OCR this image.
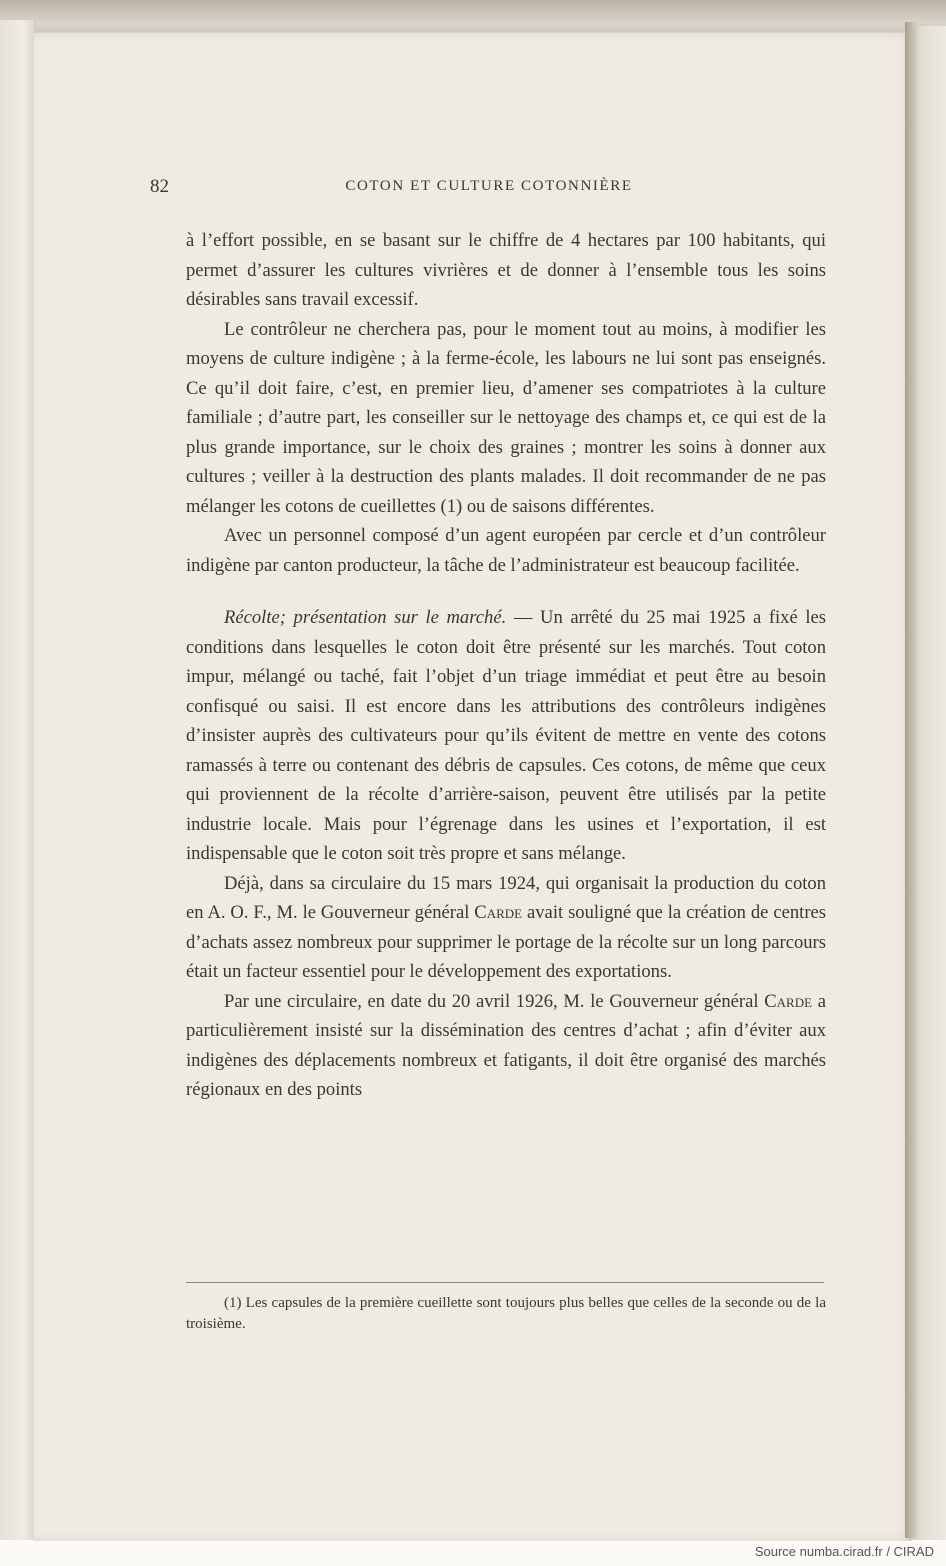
82	COTON ET CULTURE COTONNIÈRE

à l’effort possible, en se basant sur le chiffre de 4 hectares par 100 habitants, qui permet d’assurer les cultures vivrières et de donner à l’ensemble tous les soins désirables sans travail excessif.

Le contrôleur ne cherchera pas, pour le moment tout au moins, à modifier les moyens de culture indigène ; à la ferme-école, les labours ne lui sont pas enseignés. Ce qu’il doit faire, c’est, en premier lieu, d’amener ses compatriotes à la culture familiale ; d’autre part, les conseiller sur le nettoyage des champs et, ce qui est de la plus grande importance, sur le choix des graines ; montrer les soins à donner aux cultures ; veiller à la destruction des plants malades. Il doit recommander de ne pas mélanger les cotons de cueillettes (1) ou de saisons différentes.

Avec un personnel composé d’un agent européen par cercle et d’un contrôleur indigène par canton producteur, la tâche de l’administrateur est beaucoup facilitée.

Récolte; présentation sur le marché. — Un arrêté du 25 mai 1925 a fixé les conditions dans lesquelles le coton doit être présenté sur les marchés. Tout coton impur, mélangé ou taché, fait l’objet d’un triage immédiat et peut être au besoin confisqué ou saisi. Il est encore dans les attributions des contrôleurs indigènes d’insister auprès des cultivateurs pour qu’ils évitent de mettre en vente des cotons ramassés à terre ou contenant des débris de capsules. Ces cotons, de même que ceux qui proviennent de la récolte d’arrière-saison, peuvent être utilisés par la petite industrie locale. Mais pour l’égrenage dans les usines et l’exportation, il est indispensable que le coton soit très propre et sans mélange.

Déjà, dans sa circulaire du 15 mars 1924, qui organisait la production du coton en A. O. F., M. le Gouverneur général Carde avait souligné que la création de centres d’achats assez nombreux pour supprimer le portage de la récolte sur un long parcours était un facteur essentiel pour le développement des exportations.

Par une circulaire, en date du 20 avril 1926, M. le Gouverneur général Carde a particulièrement insisté sur la dissémination des centres d’achat ; afin d’éviter aux indigènes des déplacements nombreux et fatigants, il doit être organisé des marchés régionaux en des points

(1) Les capsules de la première cueillette sont toujours plus belles que celles de la seconde ou de la troisième.

Source numba.cirad.fr / CIRAD
